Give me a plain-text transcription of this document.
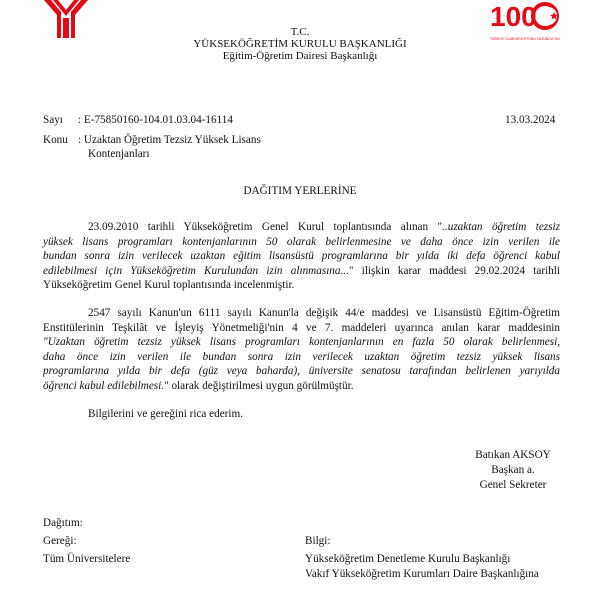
T.C.
YÜKSEKÖĞRETİM KURULU BAŞKANLIĞI
Eğitim-Öğretim Dairesi Başkanlığı
100
TÜRKİYE CUMHURİYETİ'NİN YÜZÜNCÜ YILI
Sayı : E-75850160-104.01.03.04-16114	13.03.2024
Konu : Uzaktan Öğretim Tezsiz Yüksek Lisans
Kontenjanları
DAĞITIM YERLERİNE
23.09.2010 tarihli Yükseköğretim Genel Kurul toplantısında alınan "..uzaktan öğretim tezsiz
yüksek lisans programları kontenjanlarının 50 olarak belirlenmesine ve daha önce izin verilen ile
bundan sonra izin verilecek uzaktan eğitim lisansüstü programlarına bir yılda iki defa öğrenci kabul
edilebilmesi için Yükseköğretim Kurulundan izin alınmasına..." ilişkin karar maddesi 29.02.2024 tarihli
Yükseköğretim Genel Kurul toplantısında incelenmiştir.
2547 sayılı Kanun'un 6111 sayılı Kanun'la değişik 44/e maddesi ve Lisansüstü Eğitim-Öğretim
Enstitülerinin Teşkilât ve İşleyiş Yönetmeliği'nin 4 ve 7. maddeleri uyarınca anılan karar maddesinin
"Uzaktan öğretim tezsiz yüksek lisans programları kontenjanlarının en fazla 50 olarak belirlenmesi,
daha önce izin verilen ile bundan sonra izin verilecek uzaktan öğretim tezsiz yüksek lisans
programlarına yılda bir defa (güz veya baharda), üniversite senatosu tarafından belirlenen yarıyılda
öğrenci kabul edilebilmesi." olarak değiştirilmesi uygun görülmüştür.
Bilgilerini ve gereğini rica ederim.
Batıkan AKSOY
Başkan a.
Genel Sekreter
Dağıtım:
Gereği:
Tüm Üniversitelere
Bilgi:
Yükseköğretim Denetleme Kurulu Başkanlığı
Vakıf Yükseköğretim Kurumları Daire Başkanlığına
